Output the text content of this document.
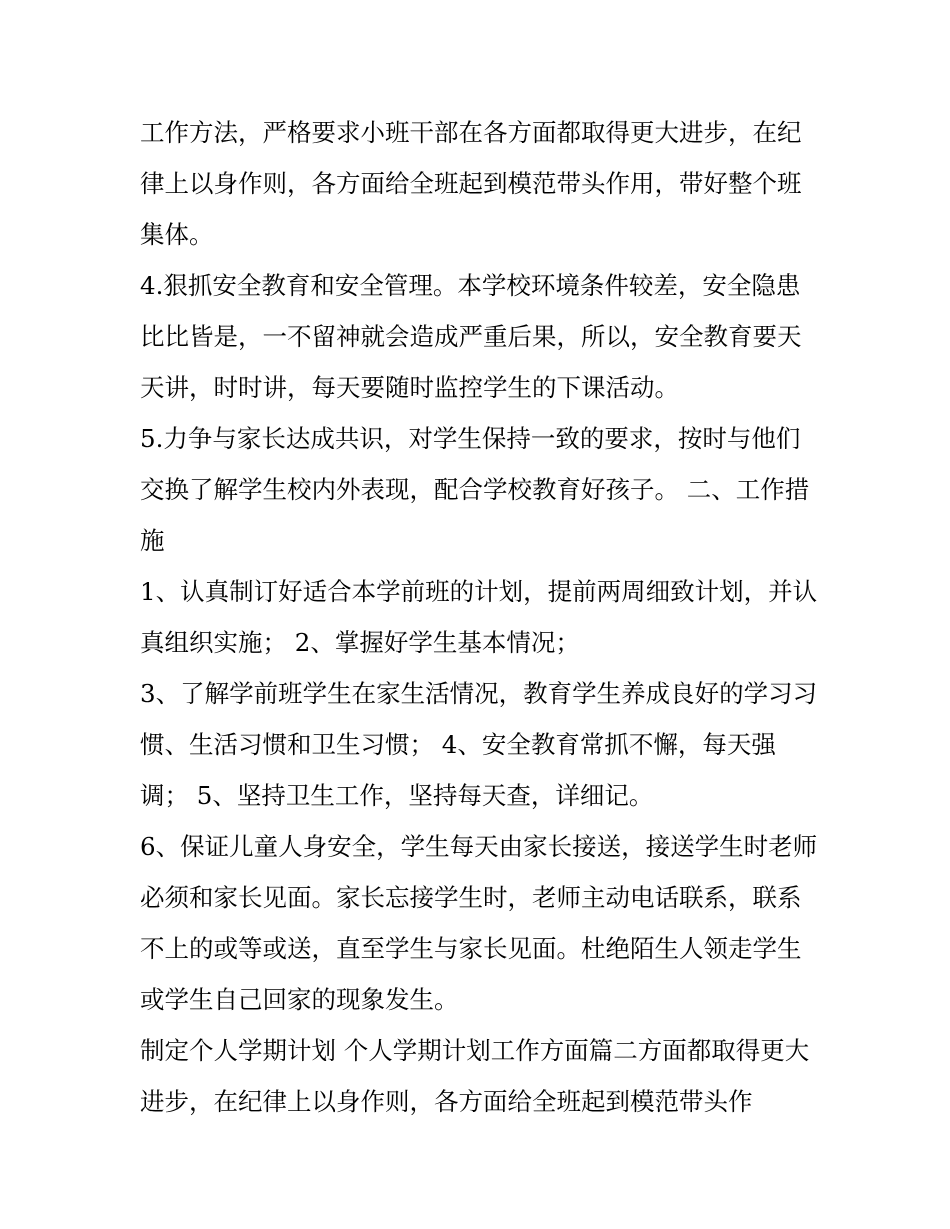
工作方法，严格要求小班干部在各方面都取得更大进步，在纪律上以身作则，各方面给全班起到模范带头作用，带好整个班集体。

4.狠抓安全教育和安全管理。本学校环境条件较差，安全隐患比比皆是，一不留神就会造成严重后果，所以，安全教育要天天讲，时时讲，每天要随时监控学生的下课活动。

5.力争与家长达成共识，对学生保持一致的要求，按时与他们交换了解学生校内外表现，配合学校教育好孩子。 二、工作措施

1、认真制订好适合本学前班的计划，提前两周细致计划，并认真组织实施； 2、掌握好学生基本情况；

3、了解学前班学生在家生活情况，教育学生养成良好的学习习惯、生活习惯和卫生习惯； 4、安全教育常抓不懈，每天强调； 5、坚持卫生工作，坚持每天查，详细记。

6、保证儿童人身安全，学生每天由家长接送，接送学生时老师必须和家长见面。家长忘接学生时，老师主动电话联系，联系不上的或等或送，直至学生与家长见面。杜绝陌生人领走学生或学生自己回家的现象发生。

制定个人学期计划 个人学期计划工作方面篇二方面都取得更大进步，在纪律上以身作则，各方面给全班起到模范带头作
